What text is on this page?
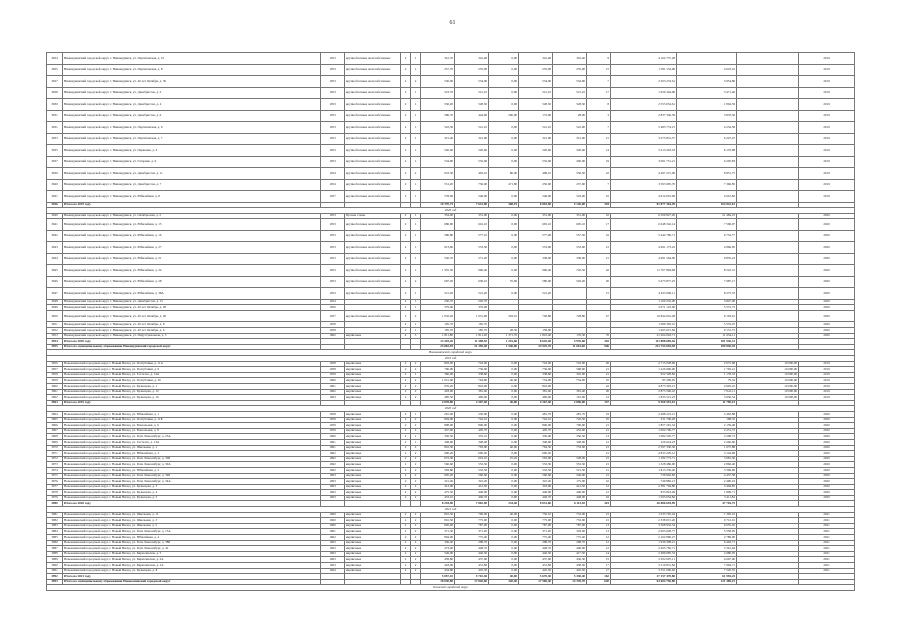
61
3924	Нижнеудинский городской округ, г. Нижнеудинск, ул. Партизанская, д. 10	1953	крупноблочные железобетонные	2	1	341,70	316,40	0,00	316,40	316,40	9	4 162 737,28			2019
3925	Нижнеудинский городской округ, г. Нижнеудинск, ул. Партизанская, д. 8	1953	крупноблочные железобетонные	2	1	257,70	255,00	0,00	255,00	255,00	15	1 581 154,96	4 623,16		2019
3927	Нижнеудинский городской округ, г. Нижнеудинск, ул. 40 лет Октября, д. 30	1953	крупноблочные железобетонные	2	2	536,00	534,00	0,00	534,00	534,00	7	2 503 233,61	3 954,80		2019
3928	Нижнеудинский городской округ, г. Нижнеудинск, ул. Декабристов, д. 2	1953	крупноблочные железобетонные	2	1	523,70	521,10	0,00	521,10	521,10	17	1 926 344,90	3 471,46		2019
3930	Нижнеудинский городской округ, г. Нижнеудинск, ул. Декабристов, д. 4	1953	крупноблочные железобетонные	2	1	530,20	528,30	0,00	528,30	528,30	8	2 553 054,61	1 804,59		2019
3931	Нижнеудинский городской округ, г. Нижнеудинск, ул. Декабристов, д. 6	1953	крупноблочные железобетонные	2	1	586,70	444,90	260,90	172,00	28,00	3	2 837 336,59	3 876,56		2019
3931	Нижнеудинский городской округ, г. Нижнеудинск, ул. Партизанская, д. 6	1953	крупноблочные железобетонные	2	1	522,30	521,10	0,00	521,10	522,00	7	5 485 774,15	4 254,58		2019
3933	Нижнеудинский городской округ, г. Нижнеудинск, ул. Партизанская, д. 7	1953	крупноблочные железобетонные	2	1	321,40	321,00	0,00	321,00	321,00	21	3 275 831,57	6 247,47		2019
3935	Нижнеудинский городской округ, г. Нижнеудинск, ул. Первомая, д. 4	1953	крупноблочные железобетонные	2	1	520,60	520,60	0,00	520,60	520,60	14	3 213 263,18	6 170,98		2019
3937	Нижнеудинский городской округ, г. Нижнеудинск, ул. Гагарина, д. 9	1953	крупноблочные железобетонные	2	1	534,90	532,00	0,00	532,00	260,00	19	3 091 751,21	6 205,83		2019
3939	Нижнеудинский городской округ, г. Нижнеудинск, ул. Декабристов, д. 11	1954	крупноблочные железобетонные	2	2	653,30	493,10	80,00	408,10	556,50	22	4 497 215,09	8 851,75		2019
3940	Нижнеудинский городской округ, г. Нижнеудинск, ул. Декабристов, д. 7	1954	крупноблочные железобетонные	2	1	551,20	736,00	471,80	250,00	237,00	7	3 593 995,70	7 366,85		2019
3941	Нижнеудинский городской округ, г. Нижнеудинск, ул. Юбилейная, д. 8	1957	крупноблочные железобетонные	2	1	578,60	548,00	0,00	548,00	543,00	16	4 914 091,69	4 661,82		2019
3936	Итого по 2019 году					10 370,73	7 641,90	368,19	6 818,90	5 126,00	294	81 877 364,49	164 822,61		
2020 год															
3940	Нижнеудинский городской округ, г. Нижнеудинск, ул. Октябрьская, д. 2	1953	Прочие стены	2	1	354,00	351,00	0,00	351,00	351,00	10	6 509 827,20	21 484,23		2020
3941	Нижнеудинский городской округ, г. Нижнеудинск, ул. Юбилейная, д. 15	1953	крупноблочные железобетонные	2	1	686,90	616,10	0,00	605,10	605,10	17	6 648 342,14	7 596,97		2020
3942	Нижнеудинский городской округ, г. Нижнеудинск, ул. Юбилейная, д. 16	1953	крупноблочные железобетонные	2	1	586,80	577,10	0,00	577,00	557,50	16	5 442 796,71	6 752,77		2020
3943	Нижнеудинский городской округ, г. Нижнеудинск, ул. Юбилейная, д. 27	1953	крупноблочные железобетонные	2	1	913,60	553,30	0,00	553,00	553,00	21	4 991 173,16	4 866,95		2020
3944	Нижнеудинский городской округ, г. Нижнеудинск, ул. Юбилейная, д. 21	1953	крупноблочные железобетонные	2	1	536,70	571,20	0,00	338,00	338,00	21	4 991 564,00	9 835,23		2020
3945	Нижнеудинский городской округ, г. Нижнеудинск, ул. Юбилейная, д. 24	1953	крупноблочные железобетонные	2	1	1 355,30	906,40	0,00	906,40	742,50	42	11 707 894,68	8 522,31		2020
3946	Нижнеудинский городской округ, г. Нижнеудинск, ул. Юбилейная, д. 28	1953	крупноблочные железобетонные	2	2	697,20	639,10	55,90	580,00	502,20	20	5 673 877,25	7 987,17		2020
3947	Нижнеудинский городской округ, г. Нижнеудинск, ул. Юбилейная, д. 38А	1953	крупноблочные железобетонные	2	1	521,20	521,20	0,00	521,20		15	4 455 060,11	8 275,53		2020
3948	Нижнеудинский городской округ, г. Нижнеудинск, ул. Декабристов, д. 15	1954		2	1	236,70	226,70					1 100 232,00	3 847,00		2020
3949	Нижнеудинский городской округ, г. Нижнеудинск, ул. 40 лет Октября, д. 28	1956		2	1	379,00	379,00					2 071 123,00	5 572,73		2020
3950	Нижнеудинский городской округ, г. Нижнеудинск, ул. 40 лет Октября, д. 26	1957	крупноблочные железобетонные	2	2	1 032,20	1 031,90	303,10	728,80	728,80	27	10 844 016,28	9 193,61		2020
3951	Нижнеудинский городской округ, г. Нижнеудинск, ул. 40 лет Октября, д. 8	1958		2	1	195,70	195,70					1 089 393,10	5 576,25		2020
3952	Нижнеудинский городской округ, г. Нижнеудинск, ул. 40 лет Октября, д. 6	1958		2	1	185,70	185,70	28,30	158,90			1 695 615,84	9 131,75		2020
3953	Нижнеудинский городской округ, г. Нижнеудинск, ул. Индустриальная, д. 3	1962	кирпичные	4	3	1 811,80	1 811,20	1 371,70	1 810,40	176,50	76	21 204 063,71	11 654,11		2020
3954	Итого по 2020 году					13 493,20	11 398,30	1 219,60	8 645,40	3 976,60	392	111 888 685,26	181 936,31		
3955	Итого по муниципальному образованию Нижнеудинский городской округ					23 863,93	21 395,40	1 546,00	24 925,70	11 601,60	946	211 754 655,38	189 836,35		
Новокаменский городской округ															
2019 год															
3956	Новокаменский городской округ, г. Новый Вилад, ул. Республики, д. 11А	1958	кирпичные	2	2	803,00	743,00	0,00	743,00	743,00	26	2 715 028,96	2 075,68	10 000,00	2019
3957	Новокаменский городской округ, г. Новый Вилад, ул. Республики, д. 9	1958	кирпичные	2	2	796,00	736,00	0,00	736,00	568,90	21	1 226 996,00	1 765,41	10 000,00	2019
3958	Новокаменский городской округ, г. Новый Вилад, ул. Гастелло, д. 14А	1959	кирпичные	2	1	360,00	338,60	0,00	338,60	310,00	21	952 328,82	1 178,33	10 000,00	2019
3959	Новокаменский городской округ, г. Новый Вилад, ул. Республики, д. 36	1960	кирпичные	2	2	1 051,00	794,80	46,00	754,90	754,00	25	83 309,05	79,54	10 000,00	2019
3960	Новокаменский городской округ, г. Новый Вилад, ул. Кузнецова, д. 1	1961	кирпичные	2	2	976,20	843,00	0,00	843,00		22	4 873 393,15	4 993,22	10 000,00	2019
3961	Новокаменский городской округ, г. Новый Вилад, ул. Кузнецова, д. 12	1962	кирпичные	2	2	403,00	381,40	0,00	381,40	381,40	26	2 873 596,16	7 041,11	10 000,00	2019
3962	Новокаменский городской округ, г. Новый Вилад, ул. Кузнецова, д. 16	1963	кирпичные	2	2	485,50	469,00	0,00	469,00	191,00	12	1 833 521,23	3 936,54	10 000,00	2019
3963	Итого по 2019 году					4 878,80	4 307,40	46,00	4 267,40	2 896,00	157	9 560 591,01	11 790,15		
2020 год															
3964	Новокаменский городской округ, г. Новый Вилад, ул. Юбилейная, д. 1	1958	кирпичные	2	1	281,00	250,00	0,00	481,70	481,70	19	2 488 223,21	5 492,88		2020
3965	Новокаменский городской округ, г. Новый Вилад, ул. Республики, д. 11Б	1959	кирпичные	2	2	804,00	742,10	0,00	742,10	742,50	25	231 706,28	198,35		2020
3966	Новокаменский городской округ, г. Новый Вилад, ул. Вокзальная, д. 6	1959	кирпичные	2	2	808,00	806,00	0,00	806,00	796,00	21	1 857 291,54	2 159,48		2020
3967	Новокаменский городской округ, г. Новый Вилад, ул. Вокзальная, д. 8	1959	кирпичные	2	2	437,00	405,70	0,00	405,70	452,00	21	1 004 796,77	2 251,72		2020
3968	Новокаменский городской округ, г. Новый Вилад, ул. Рози Люксембург, д. 25А	1960	кирпичные	2	1	356,50	335,10	0,00	330,00	336,50	13	1 084 595,77	3 208,73		2020
3969	Новокаменский городской округ, г. Новый Вилад, ул. Гастелло, д. 13А	1961	кирпичные	2	1	348,90	348,00	0,00	348,00	348,00	12	226 624,23	2 266,96		2020
3970	Новокаменский городской округ, г. Новый Вилад, ул. Школьная, д. 1	1961	кирпичные	2	2	816,50	793,00	40,00	794,50	733,00	21	2 597 330,30	1 675,88		2020
3971	Новокаменский городской округ, г. Новый Вилад, ул. Юбилейная, д. 3	1962	кирпичные	2	2	690,20	690,20	0,00	690,20		21	4 833 229,12	3 144,99		2020
3972	Новокаменский городской округ, г. Новый Вилад, ул. Рози Люксембург, д. 30Б	1962	кирпичные	2	2	672,30	619,10	25,20	593,90	528,00	21	1 182 773,71	3 681,36		2020
3973	Новокаменский городской округ, г. Новый Вилад, ул. Рози Люксембург, д. 30А	1962	кирпичные	2	2	560,60	553,30	0,00	553,30	553,30	21	1 328 486,90	2 866,40		2020
3974	Новокаменский городской округ, г. Новый Вилад, ул. Юбилейная, д. 5	1962	кирпичные	2	2	583,80	532,50	0,00	532,50	521,50	15	1 813 239,40	3 369,96		2020
3975	Новокаменский городской округ, г. Новый Вилад, ул. Рози Люксембург, д. 34Б	1963	кирпичные	2	2	605,20	560,60	0,00	560,60	546,00	21	739 962,82	4 457,38		2020
3976	Новокаменский городской округ, г. Новый Вилад, ул. Рози Люксембург, д. 34А	1963	кирпичные	2	2	321,40	310,20	0,00	310,20	175,00	16	749 882,13	2 490,19		2020
3977	Новокаменский городской округ, г. Новый Вилад, ул. Кузнецова, д. 3	1963	кирпичные	2	2	413,00	412,50	0,00	318,90	412,50	12	2 381 794,80	3 494,85		2020
3978	Новокаменский городской округ, г. Новый Вилад, ул. Кузнецова, д. 4	1963	кирпичные	2	2	475,50	448,00	0,00	448,00	448,00	12	833 823,49	1 809,71		2020
3979	Новокаменский городской округ, г. Новый Вилад, ул. Кузнецова, д. 5	1963	кирпичные	2	2	453,10	449,70	0,00	449,70	448,00	16	1 563 654,82	3 411,82		2020
3980	Итого по 2020 году					8 294,90	7 802,90	234,40	8 031,60	6 113,30	301	26 886 694,99	47 704,75		
2021 год															
3981	Новокаменский городской округ, г. Новый Вилад, ул. Школьная, д. 11	1960	кирпичные	2	2	816,50	796,00	40,00	756,10	733,00	21	1 033 765,44	1 395,16		2021
3982	Новокаменский городской округ, г. Новый Вилад, ул. Школьная, д. 3	1960	кирпичные	2	2	816,50	775,00	0,00	775,00	733,00	21	2 338 015,26	9 712,01		2021
3983	Новокаменский городской округ, г. Новый Вилад, ул. Школьная, д. 5	1960	кирпичные	2	2	820,00	787,00	0,00	787,00	787,00	13	3 368 932,34	6 655,45		2021
3984	Новокаменский городской округ, г. Новый Вилад, ул. Рози Люксембург, д. 15А	1961	кирпичные	2	2	371,30	371,20	0,00	371,20	303,00	13	2 063 028,77	5 558,95		2021
3985	Новокаменский городской округ, г. Новый Вилад, ул. Юбилейная, д. 4	1962	кирпичные	2	2	804,00	775,40	0,00	775,40	775,40	12	2 162 890,27	2 789,90		2021
3986	Новокаменский городской округ, г. Новый Вилад, ул. Рози Люксембург, д. 38Б	1963	кирпичные	2	2	336,40	298,70	0,00	298,70	298,70	12	1 939 308,21	6 492,71		2021
3987	Новокаменский городской округ, г. Новый Вилад, ул. Рози Люксембург, д. 42	1963	кирпичные	2	2	473,00	448,70	0,00	448,70	448,00	12	2 405 782,71	5 361,64		2021
3988	Новокаменский городской округ, г. Новый Вилад, ул. Бирюсинская, д. 5	1963	кирпичные	2	2	549,00	446,50	0,00	446,50	417,50	14	2 489 685,53	4 980,95		2021
3989	Новокаменский городской округ, г. Новый Вилад, ул. Бирюсинская, д. 2А	1963	кирпичные	2	2	459,80	437,00	0,00	437,00	436,30	15	2 052 697,11	4 697,00		2021
3990	Новокаменский городской округ, г. Новый Вилад, ул. Бирюсинская, д. 2А	1963	кирпичные	2	2	443,00	431,80	0,00	431,80	438,30	17	3 519 831,82	7 994,71		2021
3991	Новокаменский городской округ, г. Новый Вилад, ул. Кузнецова, д. 8	1964	кирпичные	2	2	434,80	445,50	0,00	445,50	445,50	17	3 351 006,92	7 520,55		2021
3992	Итого по 2021 году					5 857,10	5 710,30	40,00	5 670,30	5 330,40	162	27 157 470,80	61 994,25		
3993	Итого по муниципальному образованию Новокаменский городской округ					18 030,80	17 820,60	320,40	17 569,40	14 339,70	620	63 604 756,80	121 489,15		
Осинский городской округ															
